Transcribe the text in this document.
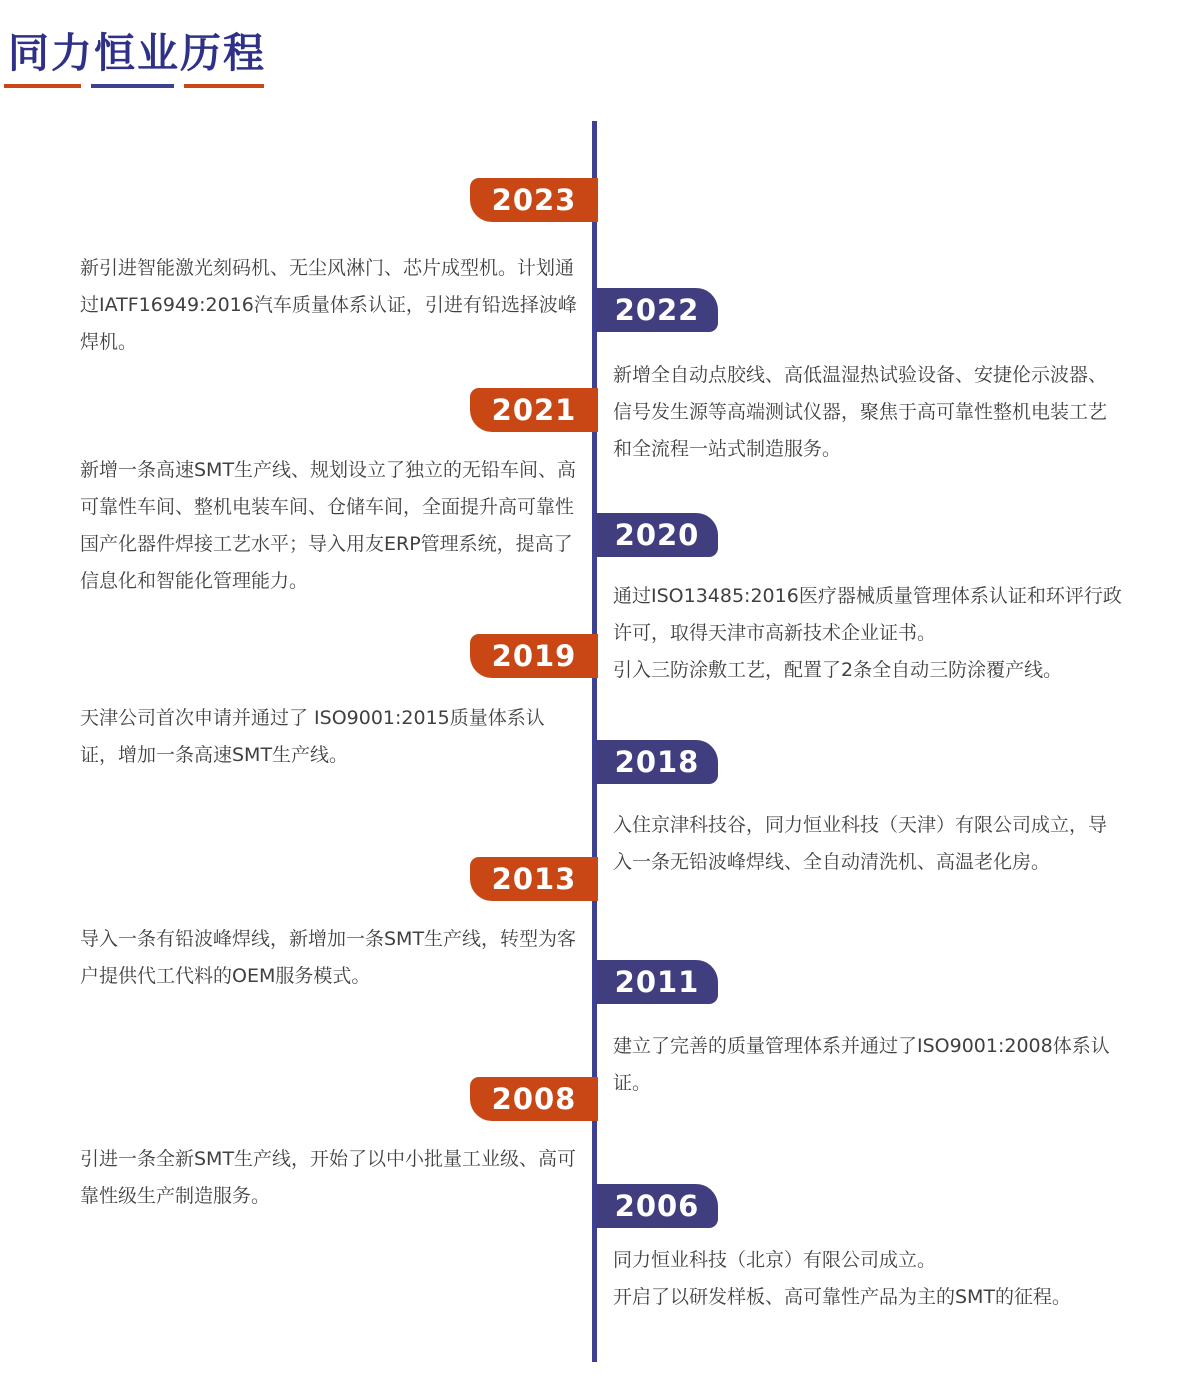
同力恒业历程
2023
新引进智能激光刻码机、无尘风淋门、芯片成型机。计划通过IATF16949:2016汽车质量体系认证，引进有铅选择波峰焊机。
2022
新增全自动点胶线、高低温湿热试验设备、安捷伦示波器、信号发生源等高端测试仪器，聚焦于高可靠性整机电装工艺和全流程一站式制造服务。
2021
新增一条高速SMT生产线、规划设立了独立的无铅车间、高可靠性车间、整机电装车间、仓储车间，全面提升高可靠性国产化器件焊接工艺水平；导入用友ERP管理系统，提高了信息化和智能化管理能力。
2020
通过ISO13485:2016医疗器械质量管理体系认证和环评行政许可，取得天津市高新技术企业证书。
引入三防涂敷工艺，配置了2条全自动三防涂覆产线。
2019
天津公司首次申请并通过了 ISO9001:2015质量体系认证，增加一条高速SMT生产线。	2018
入住京津科技谷，同力恒业科技（天津）有限公司成立，导入一条无铅波峰焊线、全自动清洗机、高温老化房。
2013
导入一条有铅波峰焊线，新增加一条SMT生产线，转型为客户提供代工代料的OEM服务模式。	2011
建立了完善的质量管理体系并通过了ISO9001:2008体系认证。
2008
引进一条全新SMT生产线，开始了以中小批量工业级、高可靠性级生产制造服务。	2006
同力恒业科技（北京）有限公司成立。
开启了以研发样板、高可靠性产品为主的SMT的征程。
